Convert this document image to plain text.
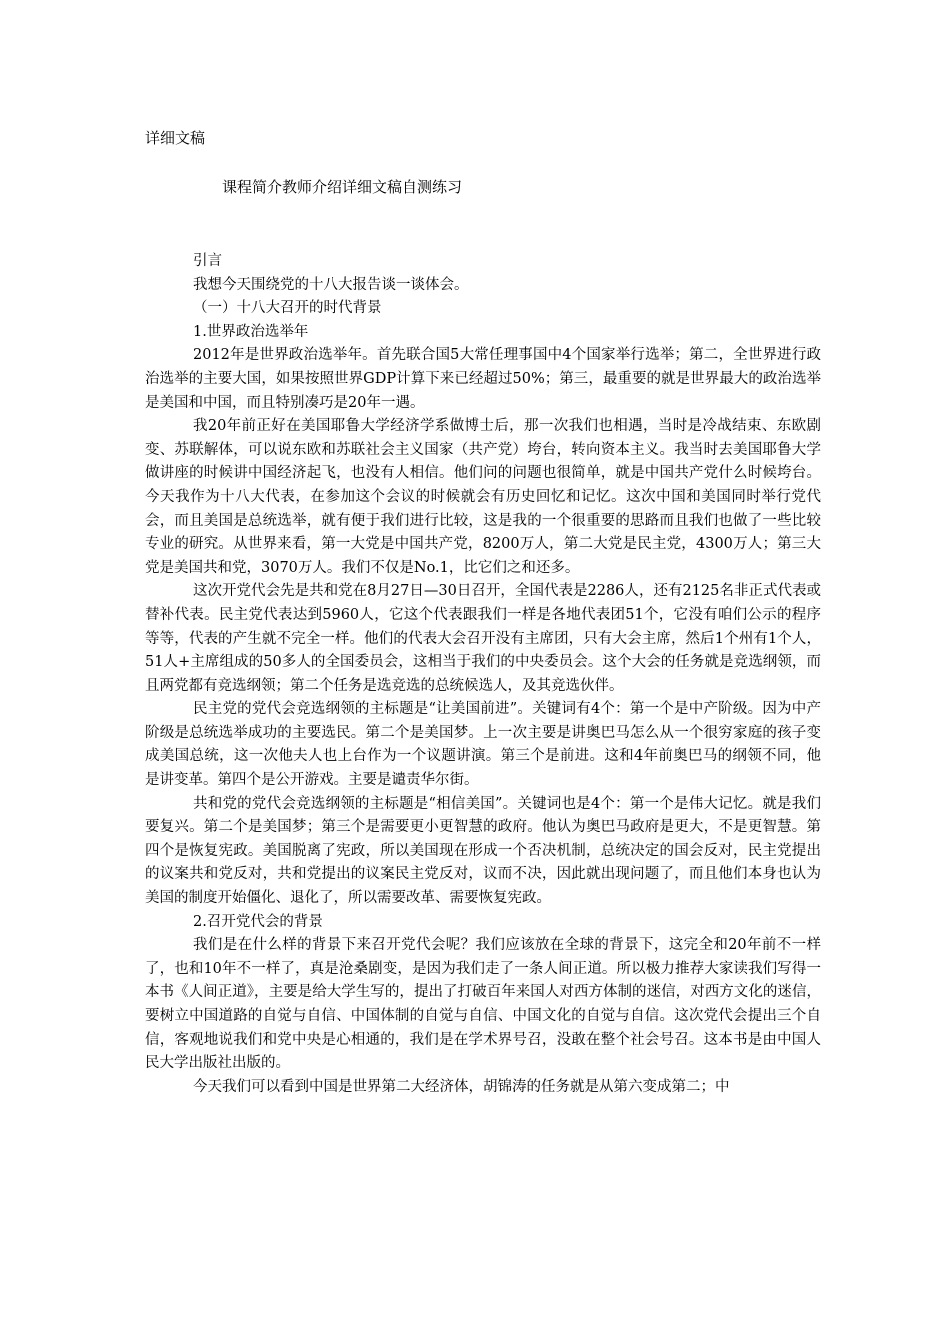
详细文稿
课程简介教师介绍详细文稿自测练习

引言

我想今天围绕党的十八大报告谈一谈体会。

（一）十八大召开的时代背景

1.世界政治选举年

2012年是世界政治选举年。首先联合国5大常任理事国中4个国家举行选举；第二，全世界进行政治选举的主要大国，如果按照世界GDP计算下来已经超过50%；第三，最重要的就是世界最大的政治选举是美国和中国，而且特别凑巧是20年一遇。

我20年前正好在美国耶鲁大学经济学系做博士后，那一次我们也相遇，当时是冷战结束、东欧剧变、苏联解体，可以说东欧和苏联社会主义国家（共产党）垮台，转向资本主义。我当时去美国耶鲁大学做讲座的时候讲中国经济起飞，也没有人相信。他们问的问题也很简单，就是中国共产党什么时候垮台。今天我作为十八大代表，在参加这个会议的时候就会有历史回忆和记忆。这次中国和美国同时举行党代会，而且美国是总统选举，就有便于我们进行比较，这是我的一个很重要的思路而且我们也做了一些比较专业的研究。从世界来看，第一大党是中国共产党，8200万人，第二大党是民主党，4300万人；第三大党是美国共和党，3070万人。我们不仅是No.1，比它们之和还多。

这次开党代会先是共和党在8月27日—30日召开，全国代表是2286人，还有2125名非正式代表或替补代表。民主党代表达到5960人，它这个代表跟我们一样是各地代表团51个，它没有咱们公示的程序等等，代表的产生就不完全一样。他们的代表大会召开没有主席团，只有大会主席，然后1个州有1个人，51人+主席组成的50多人的全国委员会，这相当于我们的中央委员会。这个大会的任务就是竞选纲领，而且两党都有竞选纲领；第二个任务是选竞选的总统候选人，及其竞选伙伴。

民主党的党代会竞选纲领的主标题是“让美国前进”。关键词有4个：第一个是中产阶级。因为中产阶级是总统选举成功的主要选民。第二个是美国梦。上一次主要是讲奥巴马怎么从一个很穷家庭的孩子变成美国总统，这一次他夫人也上台作为一个议题讲演。第三个是前进。这和4年前奥巴马的纲领不同，他是讲变革。第四个是公开游戏。主要是谴责华尔街。

共和党的党代会竞选纲领的主标题是“相信美国”。关键词也是4个：第一个是伟大记忆。就是我们要复兴。第二个是美国梦；第三个是需要更小更智慧的政府。他认为奥巴马政府是更大，不是更智慧。第四个是恢复宪政。美国脱离了宪政，所以美国现在形成一个否决机制，总统决定的国会反对，民主党提出的议案共和党反对，共和党提出的议案民主党反对，议而不决，因此就出现问题了，而且他们本身也认为美国的制度开始僵化、退化了，所以需要改革、需要恢复宪政。

2.召开党代会的背景

我们是在什么样的背景下来召开党代会呢？我们应该放在全球的背景下，这完全和20年前不一样了，也和10年不一样了，真是沧桑剧变，是因为我们走了一条人间正道。所以极力推荐大家读我们写得一本书《人间正道》，主要是给大学生写的，提出了打破百年来国人对西方体制的迷信，对西方文化的迷信，要树立中国道路的自觉与自信、中国体制的自觉与自信、中国文化的自觉与自信。这次党代会提出三个自信，客观地说我们和党中央是心相通的，我们是在学术界号召，没敢在整个社会号召。这本书是由中国人民大学出版社出版的。

今天我们可以看到中国是世界第二大经济体，胡锦涛的任务就是从第六变成第二；中
